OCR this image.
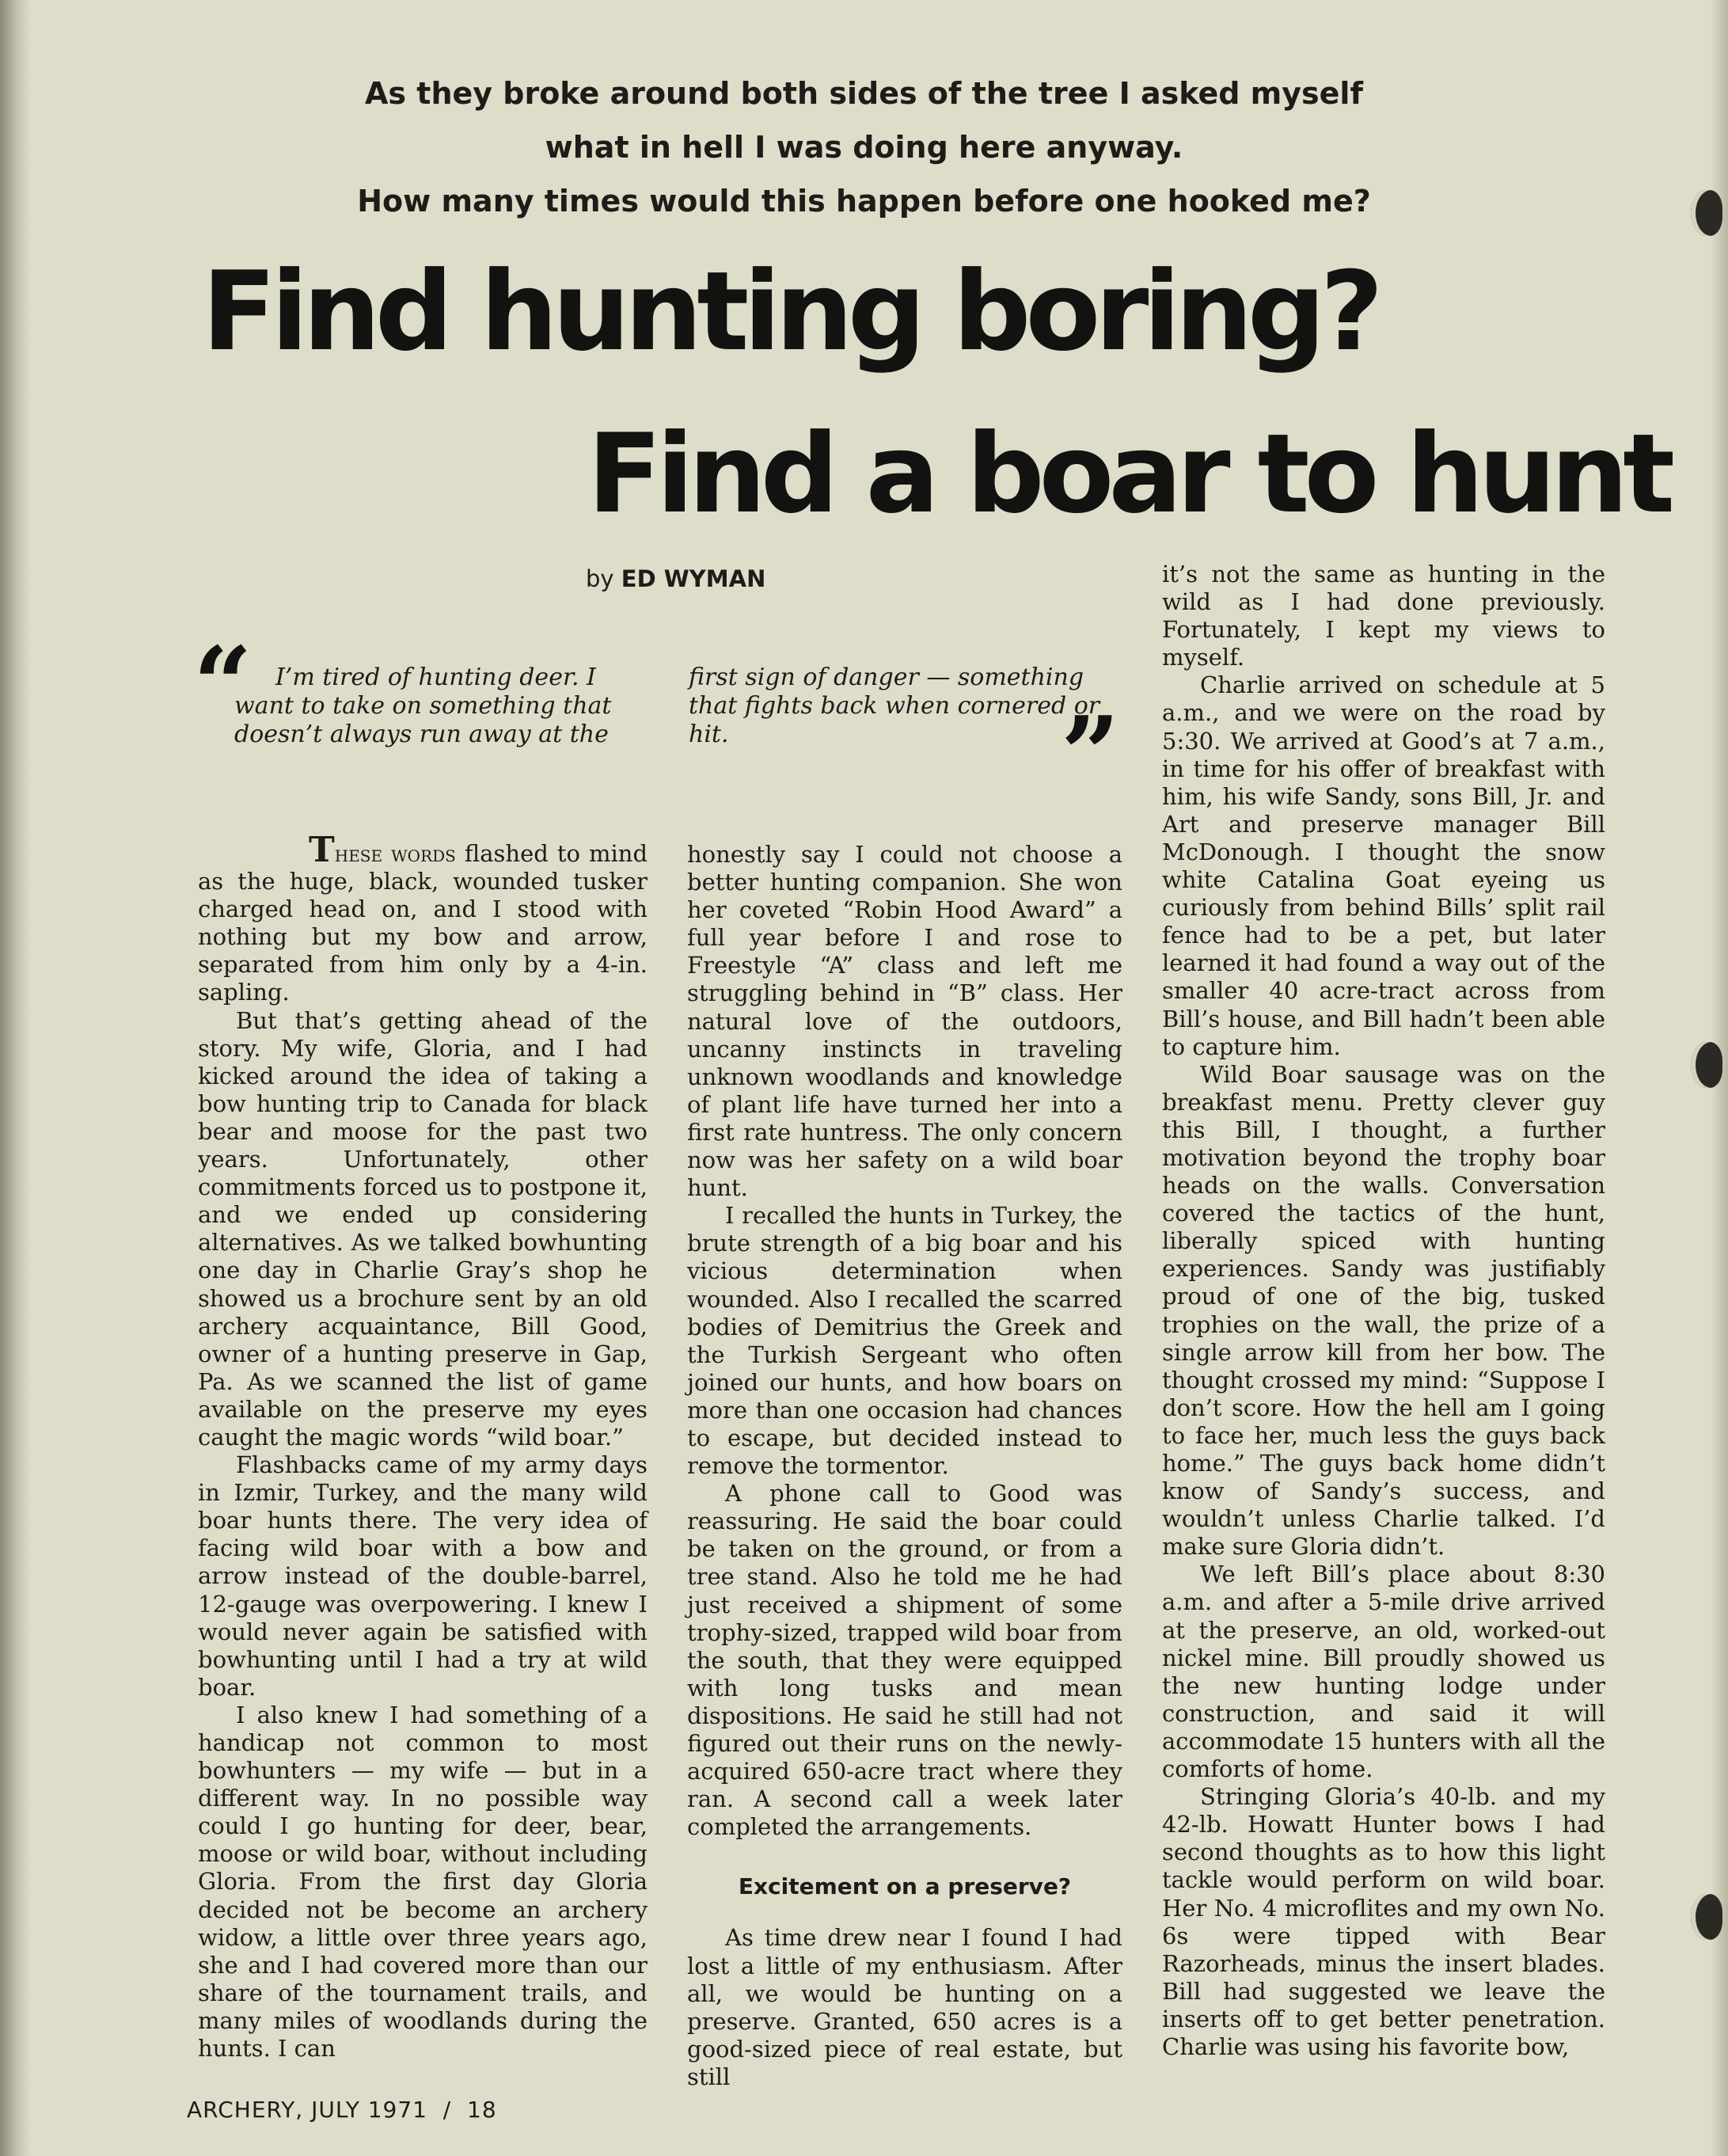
As they broke around both sides of the tree I asked myself
what in hell I was doing here anyway.
How many times would this happen before one hooked me?
Find hunting boring?
Find a boar to hunt
by ED WYMAN
“ I’m tired of hunting deer. I want to take on something that doesn’t always run away at the
first sign of danger — something that fights back when cornered or hit.	”

These words flashed to mind as the huge, black, wounded tusker charged head on, and I stood with nothing but my bow and arrow, separated from him only by a 4-in. sapling.

But that’s getting ahead of the story. My wife, Gloria, and I had kicked around the idea of taking a bow hunting trip to Canada for black bear and moose for the past two years. Unfortunately, other commitments forced us to postpone it, and we ended up considering alternatives. As we talked bowhunting one day in Charlie Gray’s shop he showed us a brochure sent by an old archery acquaintance, Bill Good, owner of a hunting preserve in Gap, Pa. As we scanned the list of game available on the preserve my eyes caught the magic words “wild boar.”

Flashbacks came of my army days in Izmir, Turkey, and the many wild boar hunts there. The very idea of facing wild boar with a bow and arrow instead of the double-barrel, 12-gauge was overpowering. I knew I would never again be satisfied with bowhunting until I had a try at wild boar.

I also knew I had something of a handicap not common to most bowhunters — my wife — but in a different way. In no possible way could I go hunting for deer, bear, moose or wild boar, without including Gloria. From the first day Gloria decided not be become an archery widow, a little over three years ago, she and I had covered more than our share of the tournament trails, and many miles of woodlands during the hunts. I can

honestly say I could not choose a better hunting companion. She won her coveted “Robin Hood Award” a full year before I and rose to Freestyle “A” class and left me struggling behind in “B” class. Her natural love of the outdoors, uncanny instincts in traveling unknown woodlands and knowledge of plant life have turned her into a first rate huntress. The only concern now was her safety on a wild boar hunt.

I recalled the hunts in Turkey, the brute strength of a big boar and his vicious determination when wounded. Also I recalled the scarred bodies of Demitrius the Greek and the Turkish Sergeant who often joined our hunts, and how boars on more than one occasion had chances to escape, but decided instead to remove the tormentor.

A phone call to Good was reassuring. He said the boar could be taken on the ground, or from a tree stand. Also he told me he had just received a shipment of some trophy-sized, trapped wild boar from the south, that they were equipped with long tusks and mean dispositions. He said he still had not figured out their runs on the newly-acquired 650-acre tract where they ran. A second call a week later completed the arrangements.

Excitement on a preserve?

As time drew near I found I had lost a little of my enthusiasm. After all, we would be hunting on a preserve. Granted, 650 acres is a good-sized piece of real estate, but still

it’s not the same as hunting in the wild as I had done previously. Fortunately, I kept my views to myself.

Charlie arrived on schedule at 5 a.m., and we were on the road by 5:30. We arrived at Good’s at 7 a.m., in time for his offer of breakfast with him, his wife Sandy, sons Bill, Jr. and Art and preserve manager Bill McDonough. I thought the snow white Catalina Goat eyeing us curiously from behind Bills’ split rail fence had to be a pet, but later learned it had found a way out of the smaller 40 acre-tract across from Bill’s house, and Bill hadn’t been able to capture him.

Wild Boar sausage was on the breakfast menu. Pretty clever guy this Bill, I thought, a further motivation beyond the trophy boar heads on the walls. Conversation covered the tactics of the hunt, liberally spiced with hunting experiences. Sandy was justifiably proud of one of the big, tusked trophies on the wall, the prize of a single arrow kill from her bow. The thought crossed my mind: “Suppose I don’t score. How the hell am I going to face her, much less the guys back home.” The guys back home didn’t know of Sandy’s success, and wouldn’t unless Charlie talked. I’d make sure Gloria didn’t.

We left Bill’s place about 8:30 a.m. and after a 5-mile drive arrived at the preserve, an old, worked-out nickel mine. Bill proudly showed us the new hunting lodge under construction, and said it will accommodate 15 hunters with all the comforts of home.

Stringing Gloria’s 40-lb. and my 42-lb. Howatt Hunter bows I had second thoughts as to how this light tackle would perform on wild boar. Her No. 4 microflites and my own No. 6s were tipped with Bear Razorheads, minus the insert blades. Bill had suggested we leave the inserts off to get better penetration. Charlie was using his favorite bow,

ARCHERY, JULY 1971  /  18
